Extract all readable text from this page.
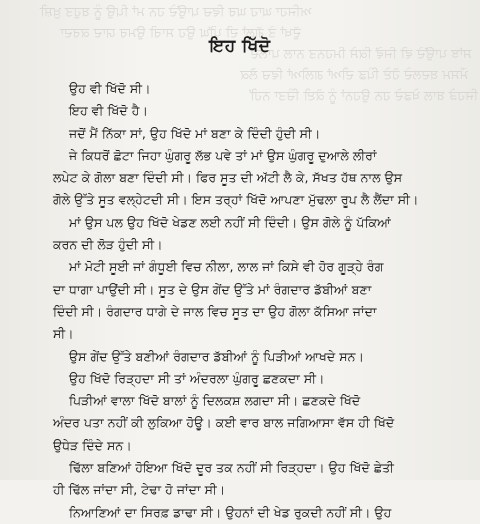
ਅਜਿਹਾ ਘਾਹ ਘਰ ਵਿਚ ਪਾਉਂਦੇ ਹਨ ਮਾਂ ਪਿਉ ਨੂੰ ਬਹੁਤ ਖ਼ੁਸ਼ੀ
ਦੁੱਖਾਂ ਤੇ ਗੱਲਾਂ ਦੀ ਪੀਂਘ ਉਹ ਸਾਰੀ ਉਮਰ ਯਾਦ ਕਰਦਾ
ਸਾਂਝ ਪਾਉਂਦੇ ਵੀ ਜਿਵੇਂ ਕਿਸੇ ਮਿਹਨਤ ਨਾਲ ਪਾਲਦੇ
ਮੌਸਮ ਬਦਲਦੇ ਹੋਏ ਪਿੰਡ ਦੀਆਂ ਗਲੀਆਂ ਵਿਚ ਲੋਕ
ਜਿਹੜੇ ਬਾਲ ਖੇਡਦੇ ਹਨ ਉਹਨਾਂ ਨੂੰ ਕੋਈ ਚਿੰਤਾ ਨਹੀਂ
ਇਹ ਖਿੱਦੋ
ਉਹ ਵੀ ਖਿੱਦੋ ਸੀ।
ਇਹ ਵੀ ਖਿੱਦੋ ਹੈ।
ਜਦੋਂ ਮੈਂ ਨਿੱਕਾ ਸਾਂ, ਉਹ ਖਿੱਦੋ ਮਾਂ ਬਣਾ ਕੇ ਦਿੰਦੀ ਹੁੰਦੀ ਸੀ।
ਜੇ ਕਿਧਰੋਂ ਛੋਟਾ ਜਿਹਾ ਘੁੰਗਰੂ ਲੱਭ ਪਵੇ ਤਾਂ ਮਾਂ ਉਸ ਘੁੰਗਰੂ ਦੁਆਲੇ ਲੀਰਾਂ
ਲਪੇਟ ਕੇ ਗੋਲਾ ਬਣਾ ਦਿੰਦੀ ਸੀ। ਫਿਰ ਸੂਤ ਦੀ ਅੱਟੀ ਲੈ ਕੇ, ਸੱਖਤ ਹੱਥ ਨਾਲ ਉਸ
ਗੋਲੇ ਉੱਤੇ ਸੂਤ ਵਲ੍ਹੇਟਦੀ ਸੀ। ਇਸ ਤਰ੍ਹਾਂ ਖਿੱਦੋ ਆਪਣਾ ਮੁੱਢਲਾ ਰੂਪ ਲੈ ਲੈਂਦਾ ਸੀ।
ਮਾਂ ਉਸ ਪਲ ਉਹ ਖਿੱਦੋ ਖੇਡਣ ਲਈ ਨਹੀਂ ਸੀ ਦਿੰਦੀ। ਉਸ ਗੋਲੇ ਨੂੰ ਪੱਕਿਆਂ
ਕਰਨ ਦੀ ਲੋੜ ਹੁੰਦੀ ਸੀ।
ਮਾਂ ਮੋਟੀ ਸੂਈ ਜਾਂ ਗੰਧੂਈ ਵਿਚ ਨੀਲਾ, ਲਾਲ ਜਾਂ ਕਿਸੇ ਵੀ ਹੋਰ ਗੂੜ੍ਹੇ ਰੰਗ
ਦਾ ਧਾਗਾ ਪਾਉਂਦੀ ਸੀ। ਸੂਤ ਦੇ ਉਸ ਗੇਂਦ ਉੱਤੇ ਮਾਂ ਰੰਗਦਾਰ ਡੱਬੀਆਂ ਬਣਾ
ਦਿੰਦੀ ਸੀ। ਰੰਗਦਾਰ ਧਾਗੇ ਦੇ ਜਾਲ ਵਿਚ ਸੂਤ ਦਾ ਉਹ ਗੋਲਾ ਕੱਸਿਆ ਜਾਂਦਾ
ਸੀ।
ਉਸ ਗੇਂਦ ਉੱਤੇ ਬਣੀਆਂ ਰੰਗਦਾਰ ਡੱਬੀਆਂ ਨੂੰ ਪਿੜੀਆਂ ਆਖਦੇ ਸਨ।
ਉਹ ਖਿੱਦੋ ਰਿੜ੍ਹਦਾ ਸੀ ਤਾਂ ਅੰਦਰਲਾ ਘੁੰਗਰੂ ਛਣਕਦਾ ਸੀ।
ਪਿੜੀਆਂ ਵਾਲਾ ਖਿੱਦੋ ਬਾਲਾਂ ਨੂੰ ਦਿਲਕਸ਼ ਲਗਦਾ ਸੀ। ਛਣਕਦੇ ਖਿੱਦੋ
ਅੰਦਰ ਪਤਾ ਨਹੀਂ ਕੀ ਲੁਕਿਆ ਹੋਊ। ਕਈ ਵਾਰ ਬਾਲ ਜਗਿਆਸਾ ਵੱਸ ਹੀ ਖਿੱਦੋ
ਉਧੇੜ ਦਿੰਦੇ ਸਨ।
ਢਿੱਲਾ ਬਣਿਆਂ ਹੋਇਆ ਖਿੱਦੋ ਦੂਰ ਤਕ ਨਹੀਂ ਸੀ ਰਿੜ੍ਹਦਾ। ਉਹ ਖਿੱਦੋ ਛੇਤੀ
ਹੀ ਢਿੱਲ ਜਾਂਦਾ ਸੀ, ਟੇਢਾ ਹੋ ਜਾਂਦਾ ਸੀ।
ਨਿਆਣਿਆਂ ਦਾ ਸਿਰਫ਼ ਡਾਢਾ ਸੀ। ਉਹਨਾਂ ਦੀ ਖੇਡ ਰੁਕਦੀ ਨਹੀਂ ਸੀ। ਉਹ
